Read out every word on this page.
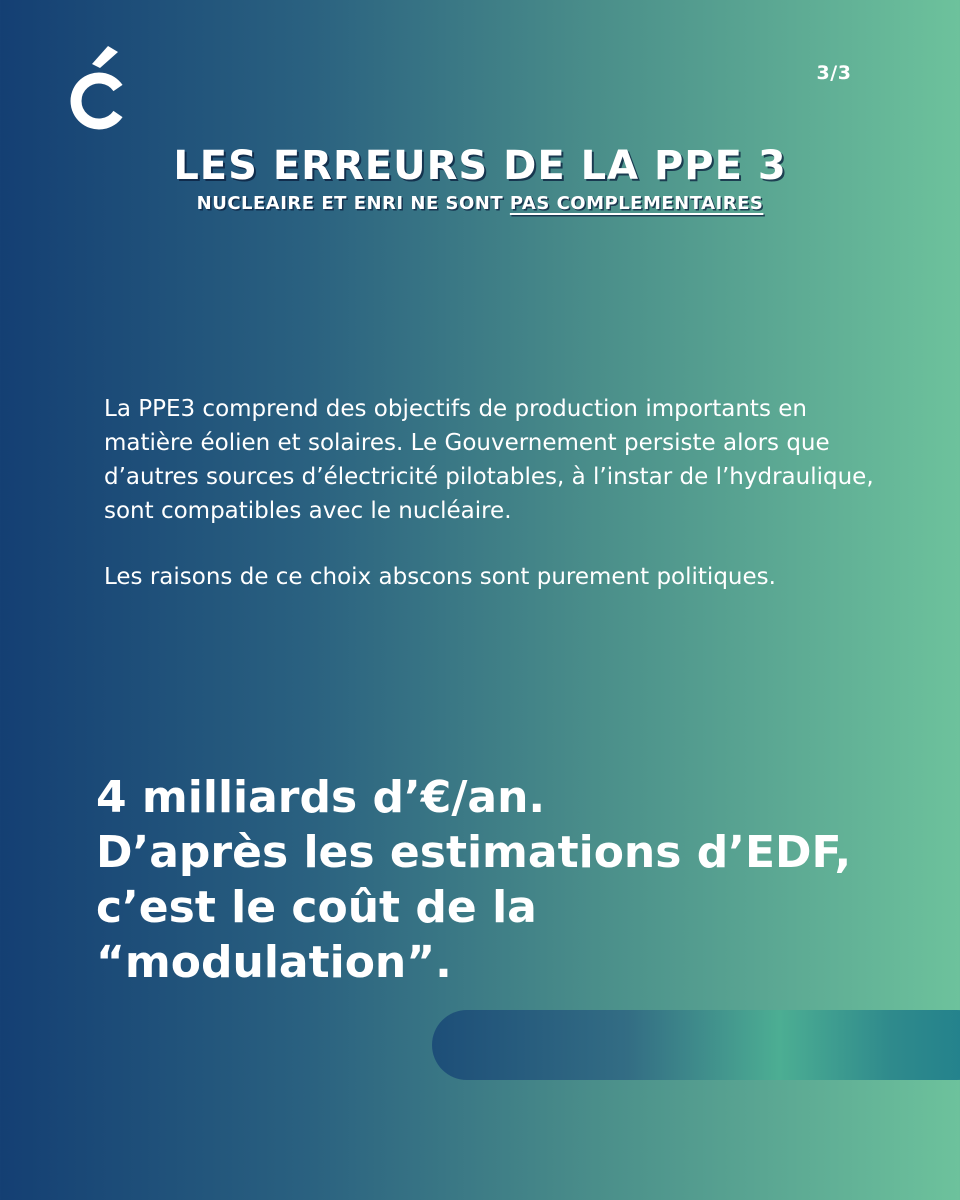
3/3
LES ERREURS DE LA PPE 3
NUCLEAIRE ET ENRI NE SONT PAS COMPLEMENTAIRES

La PPE3 comprend des objectifs de production importants en matière éolien et solaires. Le Gouvernement persiste alors que d’autres sources d’électricité pilotables, à l’instar de l’hydraulique, sont compatibles avec le nucléaire.

Les raisons de ce choix abscons sont purement politiques.

4 milliards d’€/an.
D’après les estimations d’EDF,
c’est le coût de la
“modulation”.
